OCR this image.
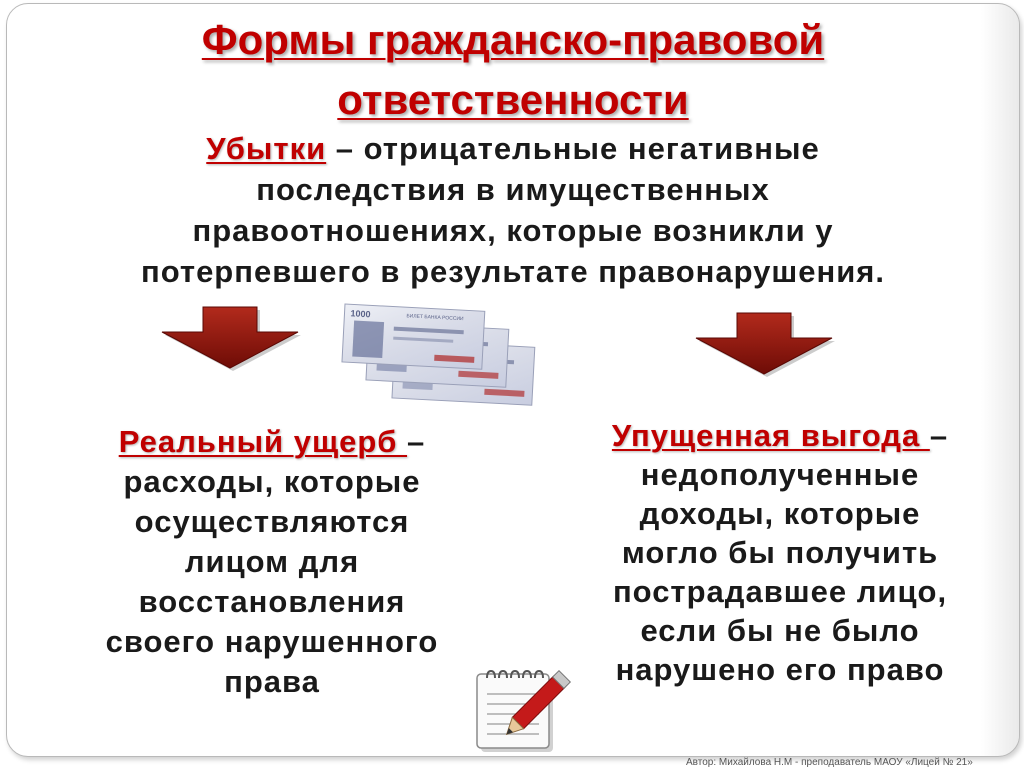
Формы гражданско-правовой
ответственности
Убытки – отрицательные негативные
последствия в имущественных
правоотношениях, которые возникли у
потерпевшего в результате правонарушения.
1000	БИЛЕТ БАНКА РОССИИ
Реальный ущерб –
расходы, которые
осуществляются
лицом для
восстановления
своего нарушенного
права
Упущенная выгода –
недополученные
доходы, которые
могло бы получить
пострадавшее лицо,
если бы не было
нарушено его право
Автор: Михайлова Н.М - преподаватель МАОУ «Лицей № 21»
